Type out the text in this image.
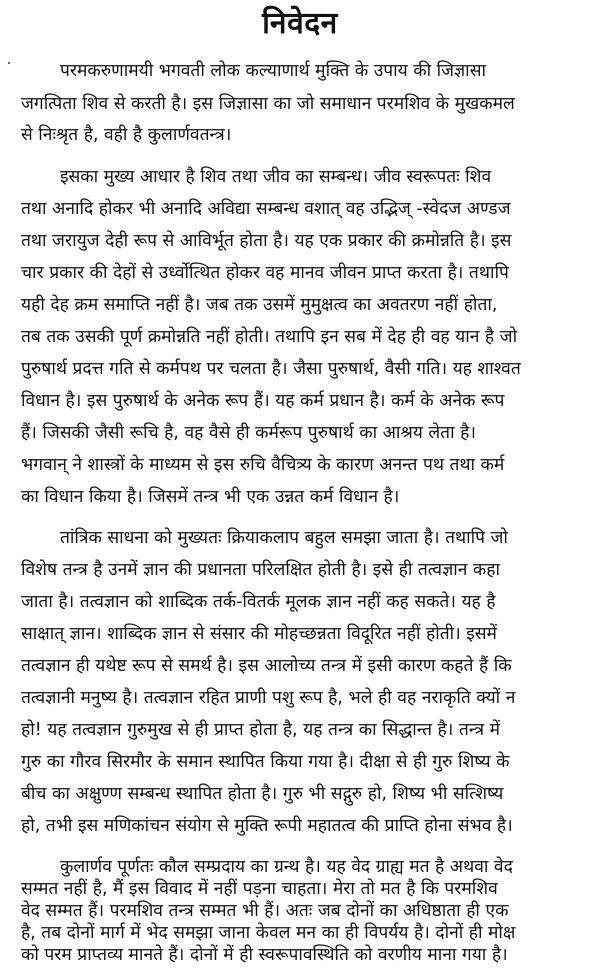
निवेदन
परमकरुणामयी भगवती लोक कल्याणार्थ मुक्ति के उपाय की जिज्ञासा
जगत्पिता शिव से करती है। इस जिज्ञासा का जो समाधान परमशिव के मुखकमल
से निःश्रृत है, वही है कुलार्णवतन्त्र।
इसका मुख्य आधार है शिव तथा जीव का सम्बन्ध। जीव स्वरूपतः शिव
तथा अनादि होकर भी अनादि अविद्या सम्बन्ध वशात् वह उद्भिज् -स्वेदज अण्डज
तथा जरायुज देही रूप से आविर्भूत होता है। यह एक प्रकार की क्रमोन्नति है। इस
चार प्रकार की देहों से उर्ध्वोत्थित होकर वह मानव जीवन प्राप्त करता है। तथापि
यही देह क्रम समाप्ति नहीं है। जब तक उसमें मुमुक्षत्व का अवतरण नहीं होता,
तब तक उसकी पूर्ण क्रमोन्नति नहीं होती। तथापि इन सब में देह ही वह यान है जो
पुरुषार्थ प्रदत्त गति से कर्मपथ पर चलता है। जैसा पुरुषार्थ, वैसी गति। यह शाश्वत
विधान है। इस पुरुषार्थ के अनेक रूप हैं। यह कर्म प्रधान है। कर्म के अनेक रूप
हैं। जिसकी जैसी रूचि है, वह वैसे ही कर्मरूप पुरुषार्थ का आश्रय लेता है।
भगवान् ने शास्त्रों के माध्यम से इस रुचि वैचित्र्य के कारण अनन्त पथ तथा कर्म
का विधान किया है। जिसमें तन्त्र भी एक उन्नत कर्म विधान है।
तांत्रिक साधना को मुख्यतः क्रियाकलाप बहुल समझा जाता है। तथापि जो
विशेष तन्त्र है उनमें ज्ञान की प्रधानता परिलक्षित होती है। इसे ही तत्वज्ञान कहा
जाता है। तत्वज्ञान को शाब्दिक तर्क-वितर्क मूलक ज्ञान नहीं कह सकते। यह है
साक्षात् ज्ञान। शाब्दिक ज्ञान से संसार की मोहच्छन्नता विदूरित नहीं होती। इसमें
तत्वज्ञान ही यथेष्ट रूप से समर्थ है। इस आलोच्य तन्त्र में इसी कारण कहते हैं कि
तत्वज्ञानी मनुष्य है। तत्वज्ञान रहित प्राणी पशु रूप है, भले ही वह नराकृति क्यों न
हो! यह तत्वज्ञान गुरुमुख से ही प्राप्त होता है, यह तन्त्र का सिद्धान्त है। तन्त्र में
गुरु का गौरव सिरमौर के समान स्थापित किया गया है। दीक्षा से ही गुरु शिष्य के
बीच का अक्षुण्ण सम्बन्ध स्थापित होता है। गुरु भी सद्गुरु हो, शिष्य भी सत्शिष्य
हो, तभी इस मणिकांचन संयोग से मुक्ति रूपी महातत्व की प्राप्ति होना संभव है।
कुलार्णव पूर्णतः कौल सम्प्रदाय का ग्रन्थ है। यह वेद ग्राह्य मत है अथवा वेद
सम्मत नहीं है, मैं इस विवाद में नहीं पड़ना चाहता। मेरा तो मत है कि परमशिव
वेद सम्मत हैं। परमशिव तन्त्र सम्मत भी हैं। अतः जब दोनों का अधिष्ठाता ही एक
है, तब दोनों मार्ग में भेद समझा जाना केवल मन का ही विपर्यय है। दोनों ही मोक्ष
को परम प्राप्तव्य मानते हैं। दोनों में ही स्वरूपावस्थिति को वरणीय माना गया है।
